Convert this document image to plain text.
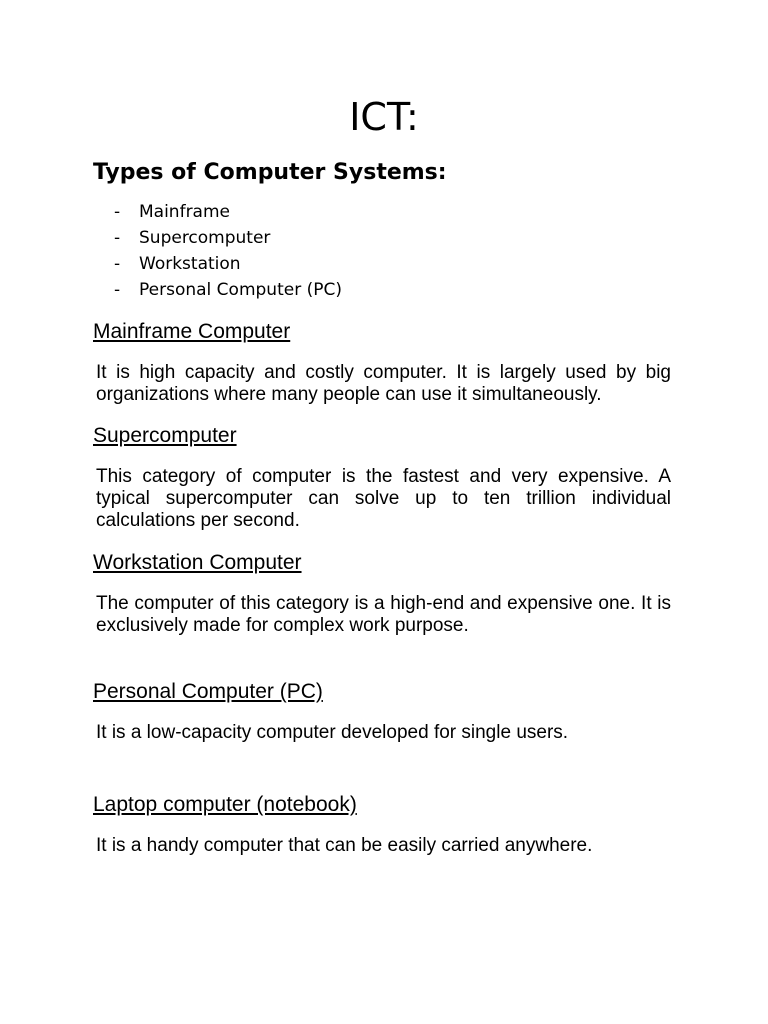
ICT:
Types of Computer Systems:
-	Mainframe
-	Supercomputer
-	Workstation
-	Personal Computer (PC)
Mainframe Computer

It is high capacity and costly computer. It is largely used by big organizations where many people can use it simultaneously.

Supercomputer

This category of computer is the fastest and very expensive. A typical supercomputer can solve up to ten trillion individual calculations per second.

Workstation Computer

The computer of this category is a high-end and expensive one. It is exclusively made for complex work purpose.

Personal Computer (PC)

It is a low-capacity computer developed for single users.

Laptop computer (notebook)

It is a handy computer that can be easily carried anywhere.
